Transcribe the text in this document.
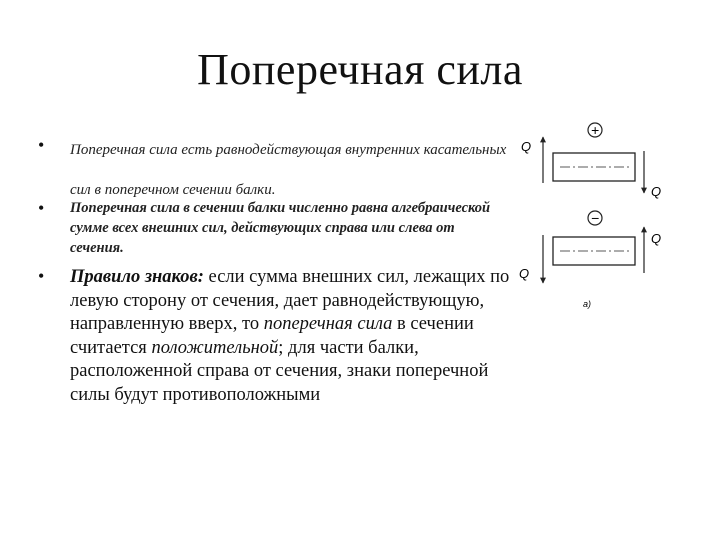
Поперечная сила
• Поперечная сила есть равнодействующая внутренних касательных сил в поперечном сечении балки.
• Поперечная сила в сечении балки численно равна алгебраической сумме всех внешних сил, действующих справа или слева от сечения.
• Правило знаков: если сумма внешних сил, лежащих по левую сторону от сечения, дает равнодействующую, направленную вверх, то поперечная сила в сечении считается положительной; для части балки, расположенной справа от сечения, знаки поперечной силы будут противоположными
+
Q
Q
−
Q
Q
а)
